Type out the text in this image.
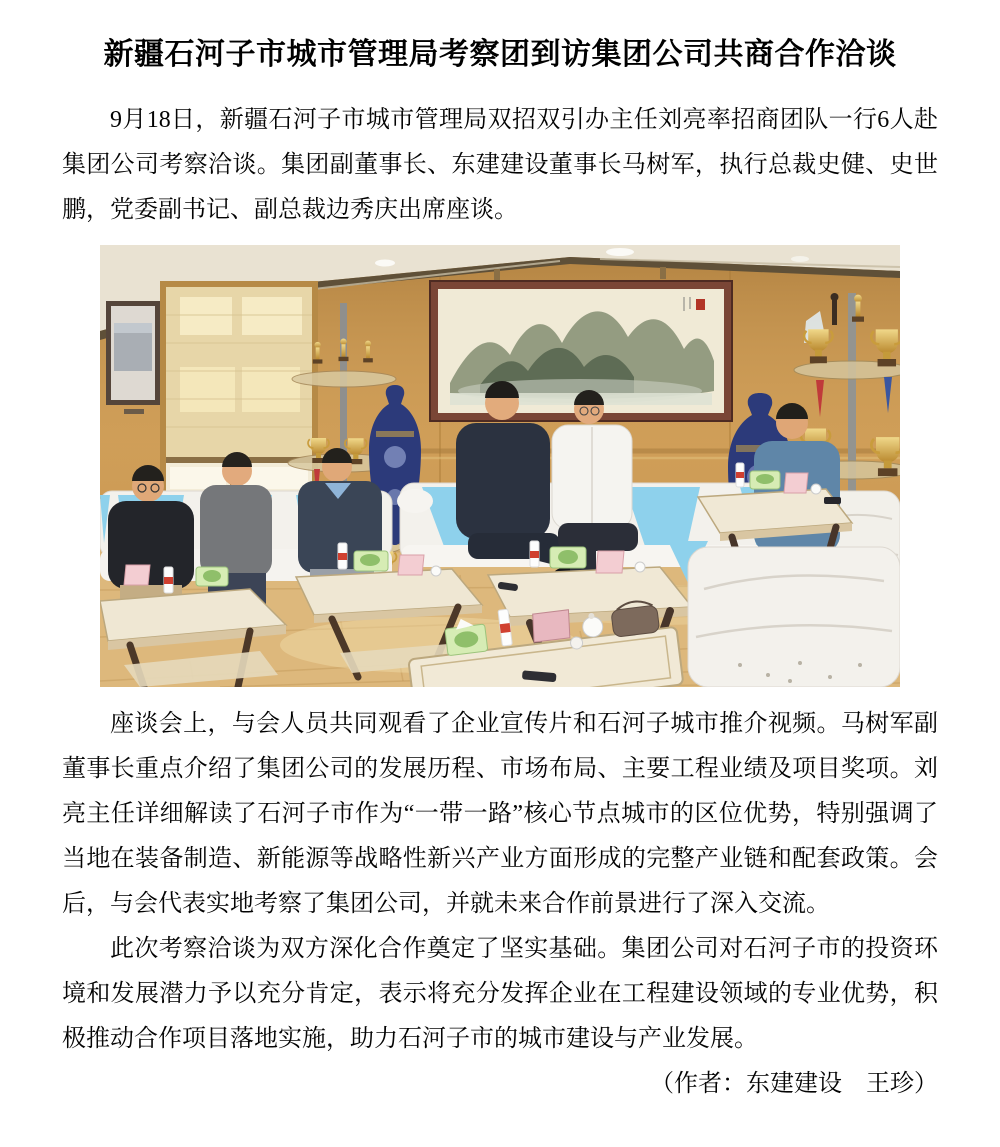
新疆石河子市城市管理局考察团到访集团公司共商合作洽谈

9月18日，新疆石河子市城市管理局双招双引办主任刘亮率招商团队一行6人赴集团公司考察洽谈。集团副董事长、东建建设董事长马树军，执行总裁史健、史世鹏，党委副书记、副总裁边秀庆出席座谈。

座谈会上，与会人员共同观看了企业宣传片和石河子城市推介视频。马树军副董事长重点介绍了集团公司的发展历程、市场布局、主要工程业绩及项目奖项。刘亮主任详细解读了石河子市作为“一带一路”核心节点城市的区位优势，特别强调了当地在装备制造、新能源等战略性新兴产业方面形成的完整产业链和配套政策。会后，与会代表实地考察了集团公司，并就未来合作前景进行了深入交流。

此次考察洽谈为双方深化合作奠定了坚实基础。集团公司对石河子市的投资环境和发展潜力予以充分肯定，表示将充分发挥企业在工程建设领域的专业优势，积极推动合作项目落地实施，助力石河子市的城市建设与产业发展。

（作者：东建建设　王珍）
